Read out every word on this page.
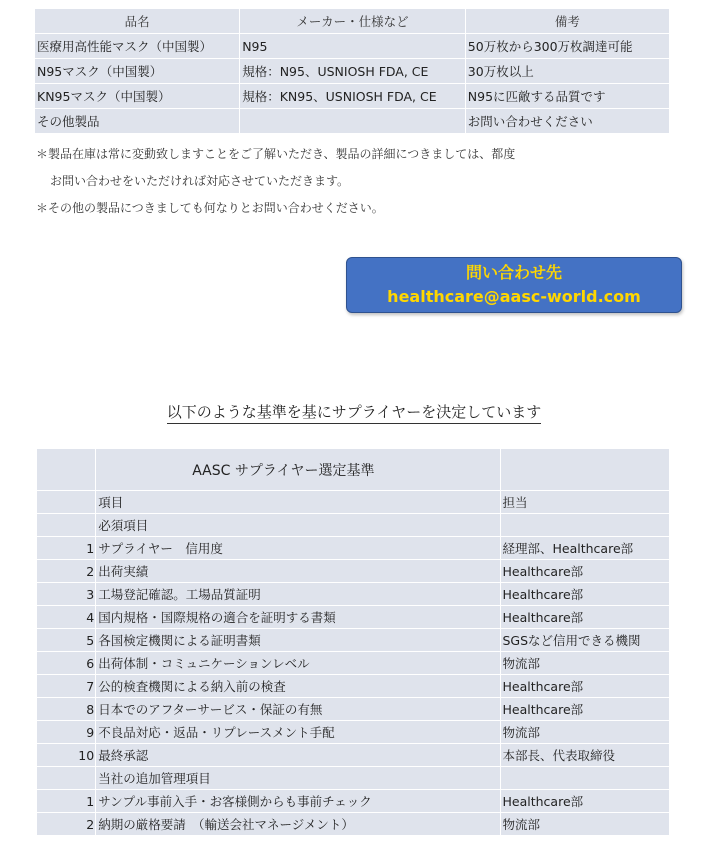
品名	メーカー・仕様など	備考
医療用高性能マスク（中国製）	N95	50万枚から300万枚調達可能
N95マスク（中国製）	規格：N95、USNIOSH FDA, CE	30万枚以上
KN95マスク（中国製）	規格：KN95、USNIOSH FDA, CE	N95に匹敵する品質です
その他製品		お問い合わせください
＊製品在庫は常に変動致しますことをご了解いただき、製品の詳細につきましては、都度
お問い合わせをいただければ対応させていただきます。
＊その他の製品につきましても何なりとお問い合わせください。
問い合わせ先
healthcare@aasc-world.com
以下のような基準を基にサプライヤーを決定しています
	AASC サプライヤー選定基準	
	項目	担当
	必須項目	
1	サプライヤー　信用度	経理部、Healthcare部
2	出荷実績	Healthcare部
3	工場登記確認。工場品質証明	Healthcare部
4	国内規格・国際規格の適合を証明する書類	Healthcare部
5	各国検定機関による証明書類	SGSなど信用できる機関
6	出荷体制・コミュニケーションレベル	物流部
7	公的検査機関による納入前の検査	Healthcare部
8	日本でのアフターサービス・保証の有無	Healthcare部
9	不良品対応・返品・リプレースメント手配	物流部
10	最終承認	本部長、代表取締役
	当社の追加管理項目	
1	サンプル事前入手・お客様側からも事前チェック	Healthcare部
2	納期の厳格要請　（輸送会社マネージメント）	物流部
